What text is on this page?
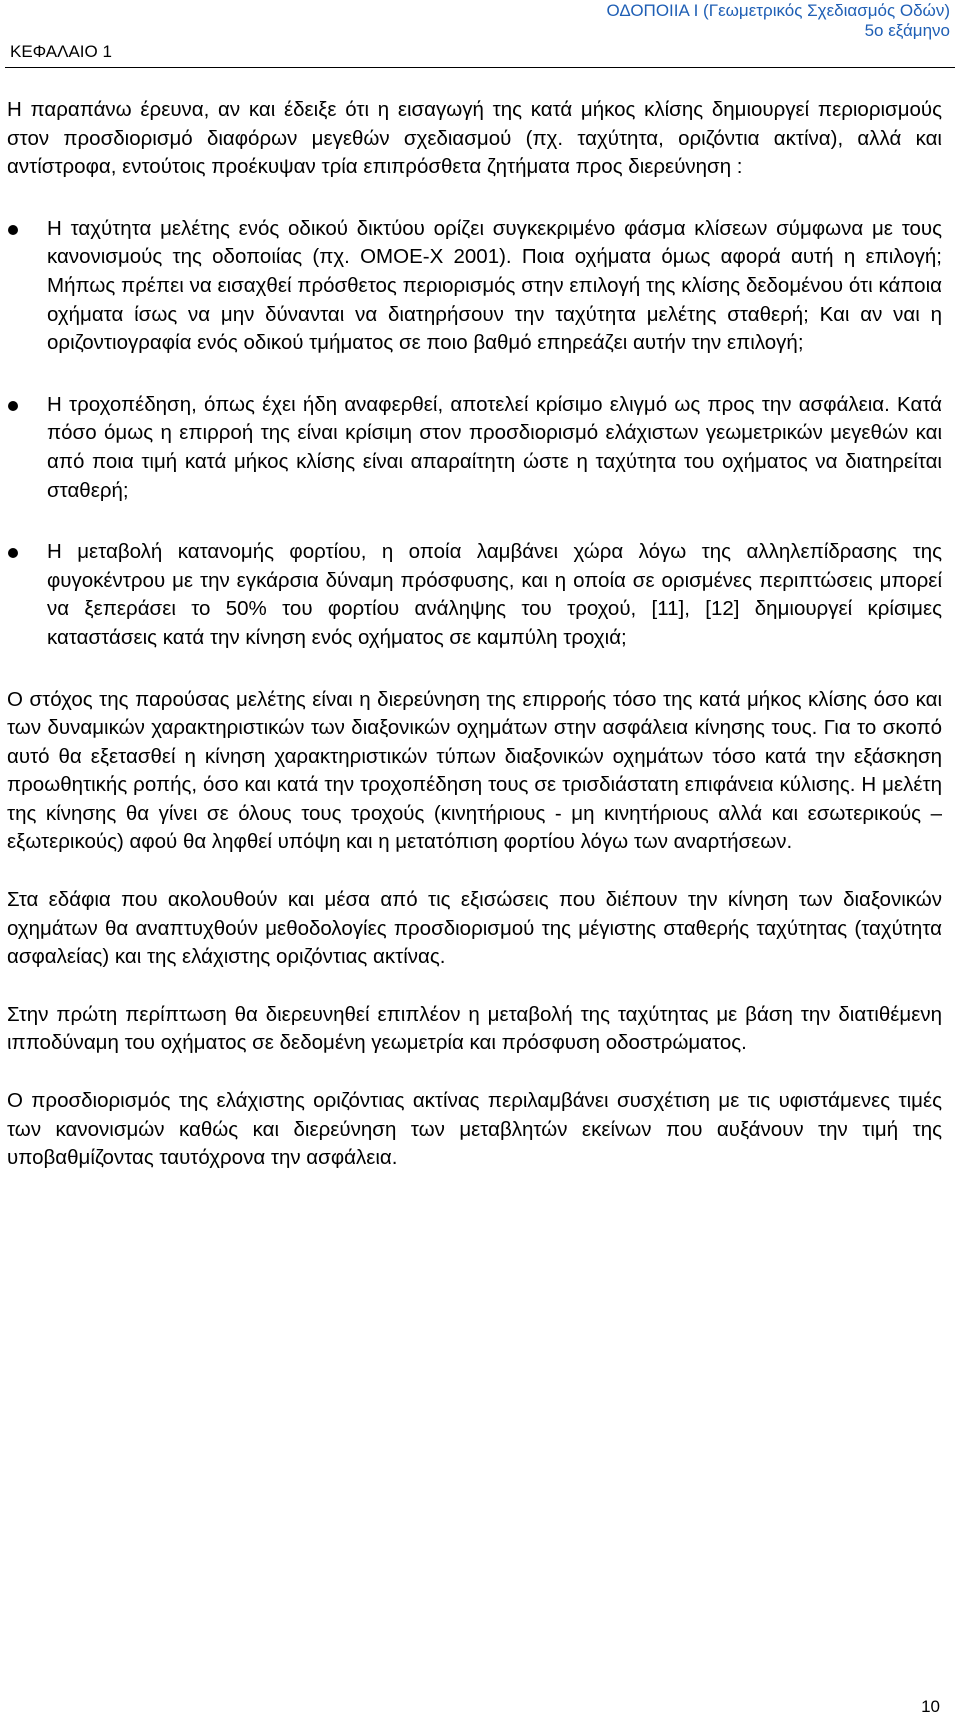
ΚΕΦΑΛΑΙΟ 1
ΟΔΟΠΟΙΙΑ Ι (Γεωμετρικός Σχεδιασμός Οδών)
5ο εξάμηνο

Η παραπάνω έρευνα, αν και έδειξε ότι η εισαγωγή της κατά μήκος κλίσης δημιουργεί περιορισμούς στον προσδιορισμό διαφόρων μεγεθών σχεδιασμού (πχ. ταχύτητα, οριζόντια ακτίνα), αλλά και αντίστροφα, εντούτοις προέκυψαν τρία επιπρόσθετα ζητήματα προς διερεύνηση :

Η ταχύτητα μελέτης ενός οδικού δικτύου ορίζει συγκεκριμένο φάσμα κλίσεων σύμφωνα με τους κανονισμούς της οδοποιίας (πχ. ΟΜΟΕ-Χ 2001). Ποια οχήματα όμως αφορά αυτή η επιλογή; Μήπως πρέπει να εισαχθεί πρόσθετος περιορισμός στην επιλογή της κλίσης δεδομένου ότι κάποια οχήματα ίσως να μην δύνανται να διατηρήσουν την ταχύτητα μελέτης σταθερή; Και αν ναι η οριζοντιογραφία ενός οδικού τμήματος σε ποιο βαθμό επηρεάζει αυτήν την επιλογή;
Η τροχοπέδηση, όπως έχει ήδη αναφερθεί, αποτελεί κρίσιμο ελιγμό ως προς την ασφάλεια. Κατά πόσο όμως η επιρροή της είναι κρίσιμη στον προσδιορισμό ελάχιστων γεωμετρικών μεγεθών και από ποια τιμή κατά μήκος κλίσης είναι απαραίτητη ώστε η ταχύτητα του οχήματος να διατηρείται σταθερή;
Η μεταβολή κατανομής φορτίου, η οποία λαμβάνει χώρα λόγω της αλληλεπίδρασης της φυγοκέντρου με την εγκάρσια δύναμη πρόσφυσης, και η οποία σε ορισμένες περιπτώσεις μπορεί να ξεπεράσει το 50% του φορτίου ανάληψης του τροχού, [11], [12] δημιουργεί κρίσιμες καταστάσεις κατά την κίνηση ενός οχήματος σε καμπύλη τροχιά;

Ο στόχος της παρούσας μελέτης είναι η διερεύνηση της επιρροής τόσο της κατά μήκος κλίσης όσο και των δυναμικών χαρακτηριστικών των διαξονικών οχημάτων στην ασφάλεια κίνησης τους. Για το σκοπό αυτό θα εξετασθεί η κίνηση χαρακτηριστικών τύπων διαξονικών οχημάτων τόσο κατά την εξάσκηση προωθητικής ροπής, όσο και κατά την τροχοπέδηση τους σε τρισδιάστατη επιφάνεια κύλισης. Η μελέτη της κίνησης θα γίνει σε όλους τους τροχούς (κινητήριους - μη κινητήριους αλλά και εσωτερικούς – εξωτερικούς) αφού θα ληφθεί υπόψη και η μετατόπιση φορτίου λόγω των αναρτήσεων.

Στα εδάφια που ακολουθούν και μέσα από τις εξισώσεις που διέπουν την κίνηση των διαξονικών οχημάτων θα αναπτυχθούν μεθοδολογίες προσδιορισμού της μέγιστης σταθερής ταχύτητας (ταχύτητα ασφαλείας) και της ελάχιστης οριζόντιας ακτίνας.

Στην πρώτη περίπτωση θα διερευνηθεί επιπλέον η μεταβολή της ταχύτητας με βάση την διατιθέμενη ιπποδύναμη του οχήματος σε δεδομένη γεωμετρία και πρόσφυση οδοστρώματος.

Ο προσδιορισμός της ελάχιστης οριζόντιας ακτίνας περιλαμβάνει συσχέτιση με τις υφιστάμενες τιμές των κανονισμών καθώς και διερεύνηση των μεταβλητών εκείνων που αυξάνουν την τιμή της υποβαθμίζοντας ταυτόχρονα την ασφάλεια.

10
